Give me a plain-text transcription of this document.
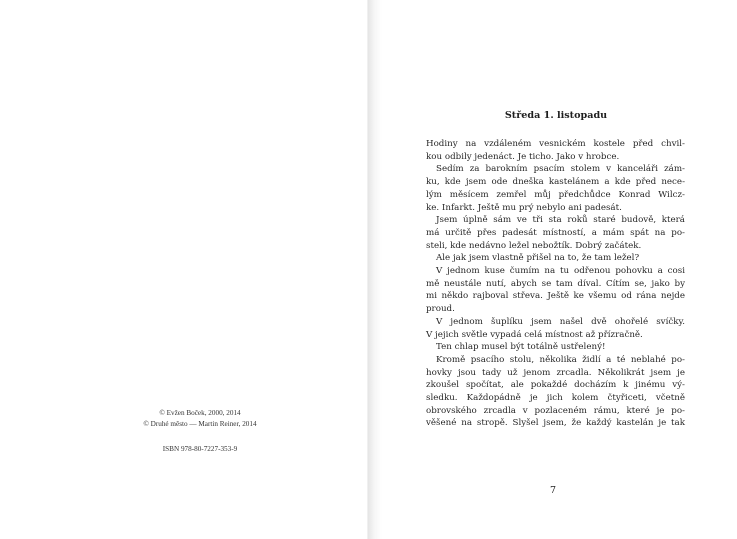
© Evžen Boček, 2000, 2014
© Druhé město — Martin Reiner, 2014
ISBN 978-80-7227-353-9
Středa 1. listopadu
Hodiny na vzdáleném vesnickém kostele před chvil-
kou odbily jedenáct. Je ticho. Jako v hrobce.
Sedím za barokním psacím stolem v kanceláři zám-
ku, kde jsem ode dneška kastelánem a kde před nece-
lým měsícem zemřel můj předchůdce Konrad Wilcz-
ke. Infarkt. Ještě mu prý nebylo ani padesát.
Jsem úplně sám ve tři sta roků staré budově, která
má určitě přes padesát místností, a mám spát na po-
steli, kde nedávno ležel nebožtík. Dobrý začátek.
Ale jak jsem vlastně přišel na to, že tam ležel?
V jednom kuse čumím na tu odřenou pohovku a cosi
mě neustále nutí, abych se tam díval. Cítím se, jako by
mi někdo rajboval střeva. Ještě ke všemu od rána nejde
proud.
V jednom šuplíku jsem našel dvě ohořelé svíčky.
V jejich světle vypadá celá místnost až přízračně.
Ten chlap musel být totálně ustřelený!
Kromě psacího stolu, několika židlí a té neblahé po-
hovky jsou tady už jenom zrcadla. Několikrát jsem je
zkoušel spočítat, ale pokaždé docházím k jinému vý-
sledku. Každopádně je jich kolem čtyřiceti, včetně
obrovského zrcadla v pozlaceném rámu, které je po-
věšené na stropě. Slyšel jsem, že každý kastelán je tak
7
